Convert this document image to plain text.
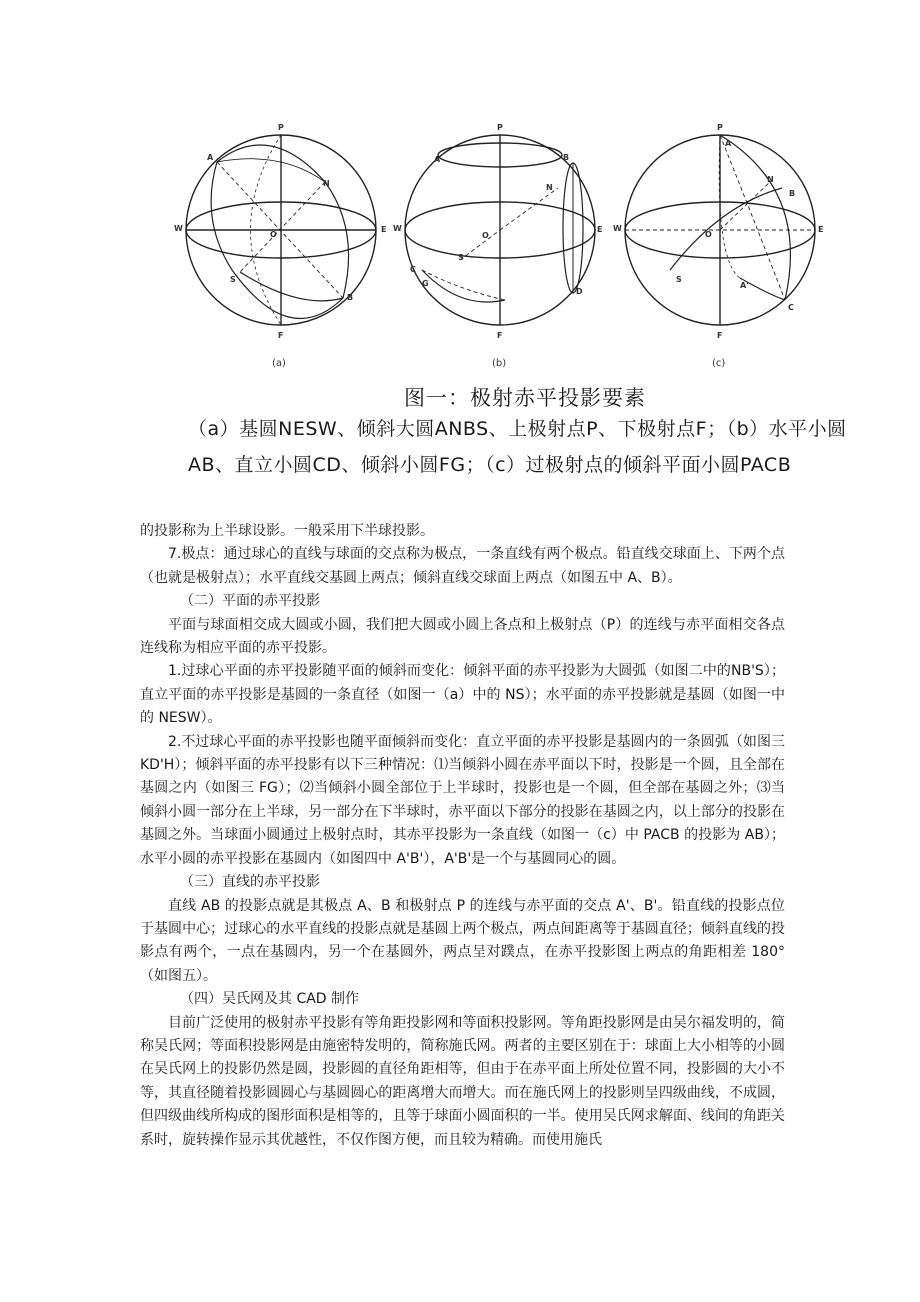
P
A
N
W
O
E
S
B
F
P
A	B
N
W
O
E
S
C
G
D
F
P
A
N
B
W
O
E
S
A'
C
F
(a)	(b)	(c)
图一：极射赤平投影要素
（a）基圆NESW、倾斜大圆ANBS、上极射点P、下极射点F；（b）水平小圆
AB、直立小圆CD、倾斜小圆FG；（c）过极射点的倾斜平面小圆PACB

的投影称为上半球设影。一般采用下半球投影。

7.极点：通过球心的直线与球面的交点称为极点，一条直线有两个极点。铅直线交球面上、下两个点（也就是极射点）；水平直线交基圆上两点；倾斜直线交球面上两点（如图五中 A、B）。

（二）平面的赤平投影

平面与球面相交成大圆或小圆，我们把大圆或小圆上各点和上极射点（P）的连线与赤平面相交各点连线称为相应平面的赤平投影。

1.过球心平面的赤平投影随平面的倾斜而变化：倾斜平面的赤平投影为大圆弧（如图二中的NB'S）；直立平面的赤平投影是基圆的一条直径（如图一（a）中的 NS）；水平面的赤平投影就是基圆（如图一中的 NESW）。

2.不过球心平面的赤平投影也随平面倾斜而变化：直立平面的赤平投影是基圆内的一条圆弧（如图三 KD'H）；倾斜平面的赤平投影有以下三种情况：⑴当倾斜小圆在赤平面以下时，投影是一个圆，且全部在基圆之内（如图三 FG）；⑵当倾斜小圆全部位于上半球时，投影也是一个圆，但全部在基圆之外；⑶当倾斜小圆一部分在上半球，另一部分在下半球时，赤平面以下部分的投影在基圆之内，以上部分的投影在基圆之外。当球面小圆通过上极射点时，其赤平投影为一条直线（如图一（c）中 PACB 的投影为 AB）；水平小圆的赤平投影在基圆内（如图四中 A'B'），A'B'是一个与基圆同心的圆。

（三）直线的赤平投影

直线 AB 的投影点就是其极点 A、B 和极射点 P 的连线与赤平面的交点 A'、B'。铅直线的投影点位于基圆中心；过球心的水平直线的投影点就是基圆上两个极点，两点间距离等于基圆直径；倾斜直线的投影点有两个，一点在基圆内，另一个在基圆外，两点呈对蹼点，在赤平投影图上两点的角距相差 180°（如图五）。

（四）吴氏网及其 CAD 制作

目前广泛使用的极射赤平投影有等角距投影网和等面积投影网。等角距投影网是由吴尔福发明的，简称吴氏网；等面积投影网是由施密特发明的，简称施氏网。两者的主要区别在于：球面上大小相等的小圆在吴氏网上的投影仍然是圆，投影圆的直径角距相等，但由于在赤平面上所处位置不同，投影圆的大小不等，其直径随着投影圆圆心与基圆圆心的距离增大而增大。而在施氏网上的投影则呈四级曲线，不成圆，但四级曲线所构成的图形面积是相等的，且等于球面小圆面积的一半。使用吴氏网求解面、线间的角距关系时，旋转操作显示其优越性，不仅作图方便，而且较为精确。而使用施氏
